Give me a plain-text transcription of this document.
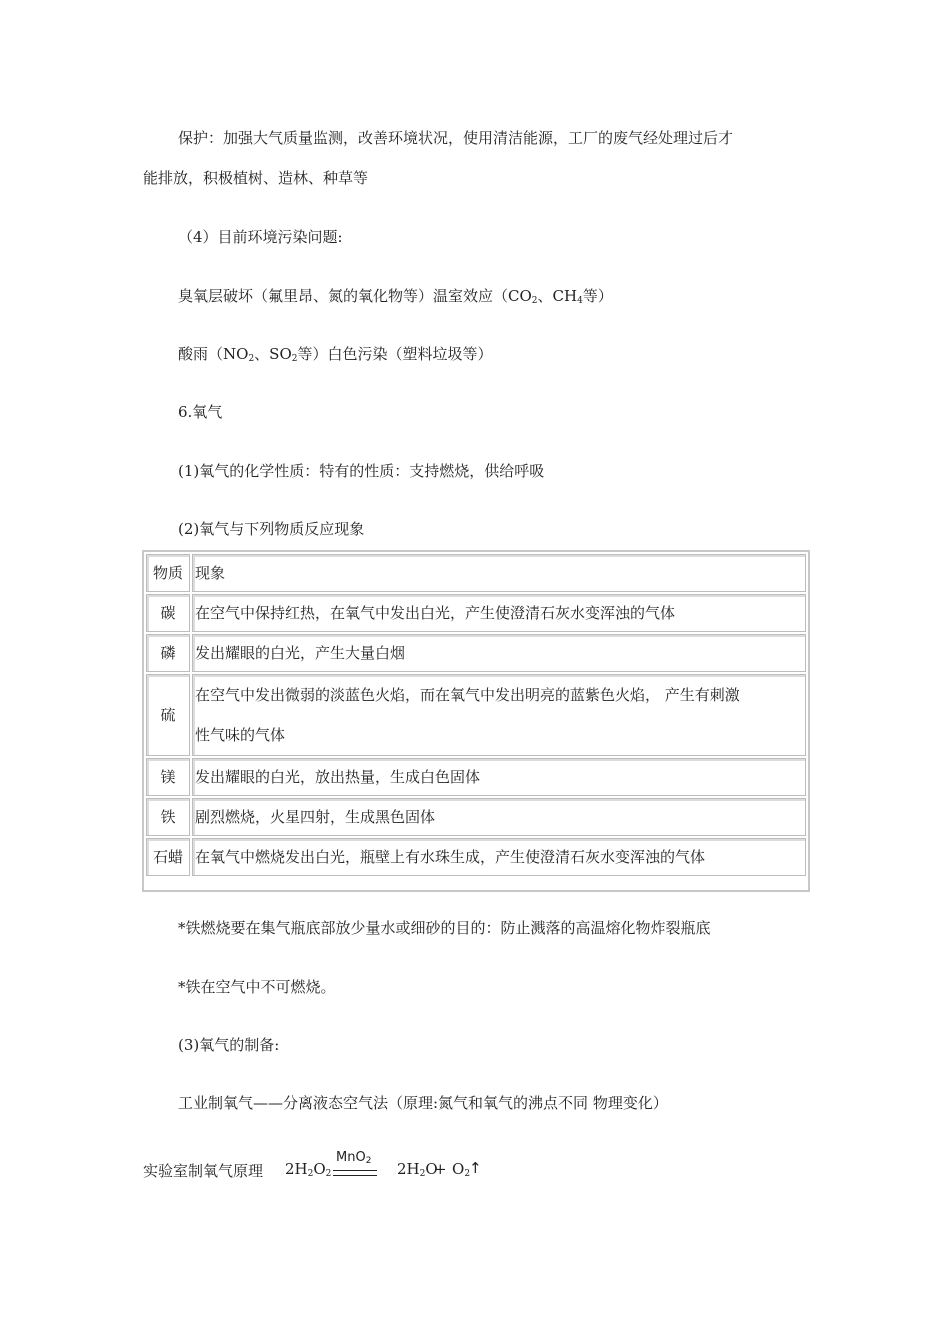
保护：加强大气质量监测，改善环境状况，使用清洁能源，工厂的废气经处理过后才
能排放，积极植树、造林、种草等
（4）目前环境污染问题:
臭氧层破坏（氟里昂、氮的氧化物等）温室效应（$CO_2$、$CH_4$等）
酸雨（$NO_2$、$SO_2$等）白色污染（塑料垃圾等）
6.氧气
(1)氧气的化学性质：特有的性质：支持燃烧，供给呼吸
(2)氧气与下列物质反应现象
物质	现象
碳	在空气中保持红热，在氧气中发出白光，产生使澄清石灰水变浑浊的气体
磷	发出耀眼的白光，产生大量白烟
硫	在空气中发出微弱的淡蓝色火焰，而在氧气中发出明亮的蓝紫色火焰， 产生有刺激
性气味的气体

镁	发出耀眼的白光，放出热量，生成白色固体
铁	剧烈燃烧，火星四射，生成黑色固体
石蜡	在氧气中燃烧发出白光，瓶壁上有水珠生成，产生使澄清石灰水变浑浊的气体
*铁燃烧要在集气瓶底部放少量水或细砂的目的：防止溅落的高温熔化物炸裂瓶底
*铁在空气中不可燃烧。
(3)氧气的制备:
工业制氧气——分离液态空气法（原理:氮气和氧气的沸点不同 物理变化）
实验室制氧气原理 $2H_2O_2$
MnO$_2$ $2H_2O$
+ $O_2$
↑
